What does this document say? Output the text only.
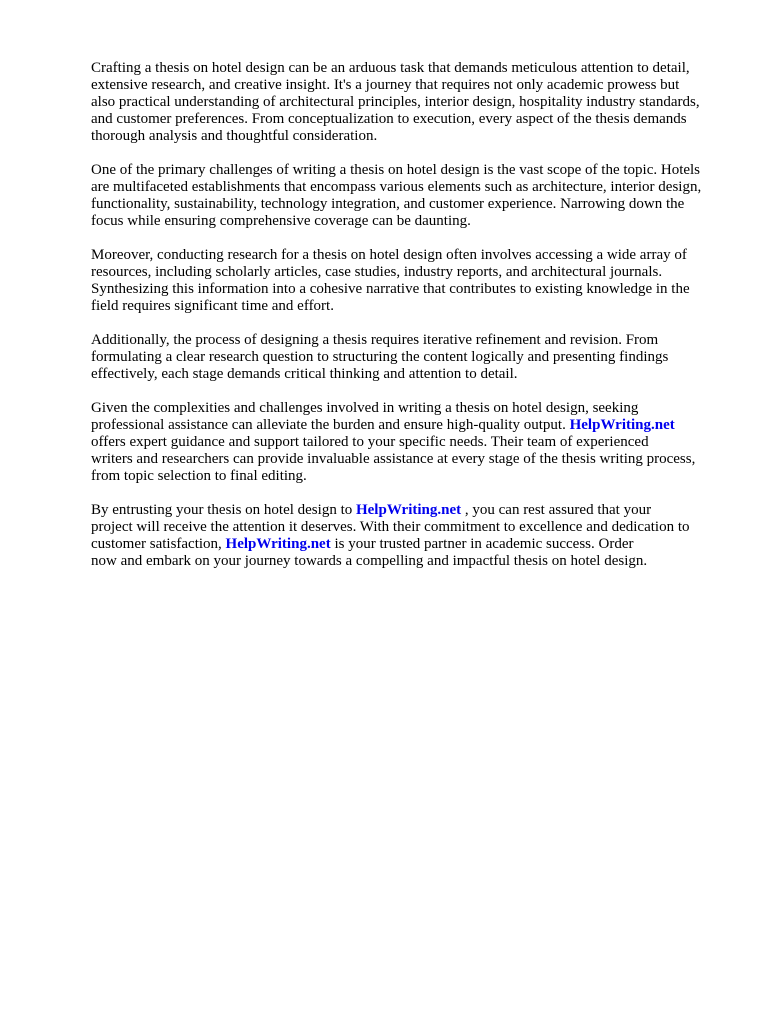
Crafting a thesis on hotel design can be an arduous task that demands meticulous attention to detail,
extensive research, and creative insight. It's a journey that requires not only academic prowess but
also practical understanding of architectural principles, interior design, hospitality industry standards,
and customer preferences. From conceptualization to execution, every aspect of the thesis demands
thorough analysis and thoughtful consideration.

One of the primary challenges of writing a thesis on hotel design is the vast scope of the topic. Hotels
are multifaceted establishments that encompass various elements such as architecture, interior design,
functionality, sustainability, technology integration, and customer experience. Narrowing down the
focus while ensuring comprehensive coverage can be daunting.

Moreover, conducting research for a thesis on hotel design often involves accessing a wide array of
resources, including scholarly articles, case studies, industry reports, and architectural journals.
Synthesizing this information into a cohesive narrative that contributes to existing knowledge in the
field requires significant time and effort.

Additionally, the process of designing a thesis requires iterative refinement and revision. From
formulating a clear research question to structuring the content logically and presenting findings
effectively, each stage demands critical thinking and attention to detail.

Given the complexities and challenges involved in writing a thesis on hotel design, seeking
professional assistance can alleviate the burden and ensure high-quality output. HelpWriting.net
offers expert guidance and support tailored to your specific needs. Their team of experienced
writers and researchers can provide invaluable assistance at every stage of the thesis writing process,
from topic selection to final editing.

By entrusting your thesis on hotel design to HelpWriting.net , you can rest assured that your
project will receive the attention it deserves. With their commitment to excellence and dedication to
customer satisfaction, HelpWriting.net is your trusted partner in academic success. Order
now and embark on your journey towards a compelling and impactful thesis on hotel design.
